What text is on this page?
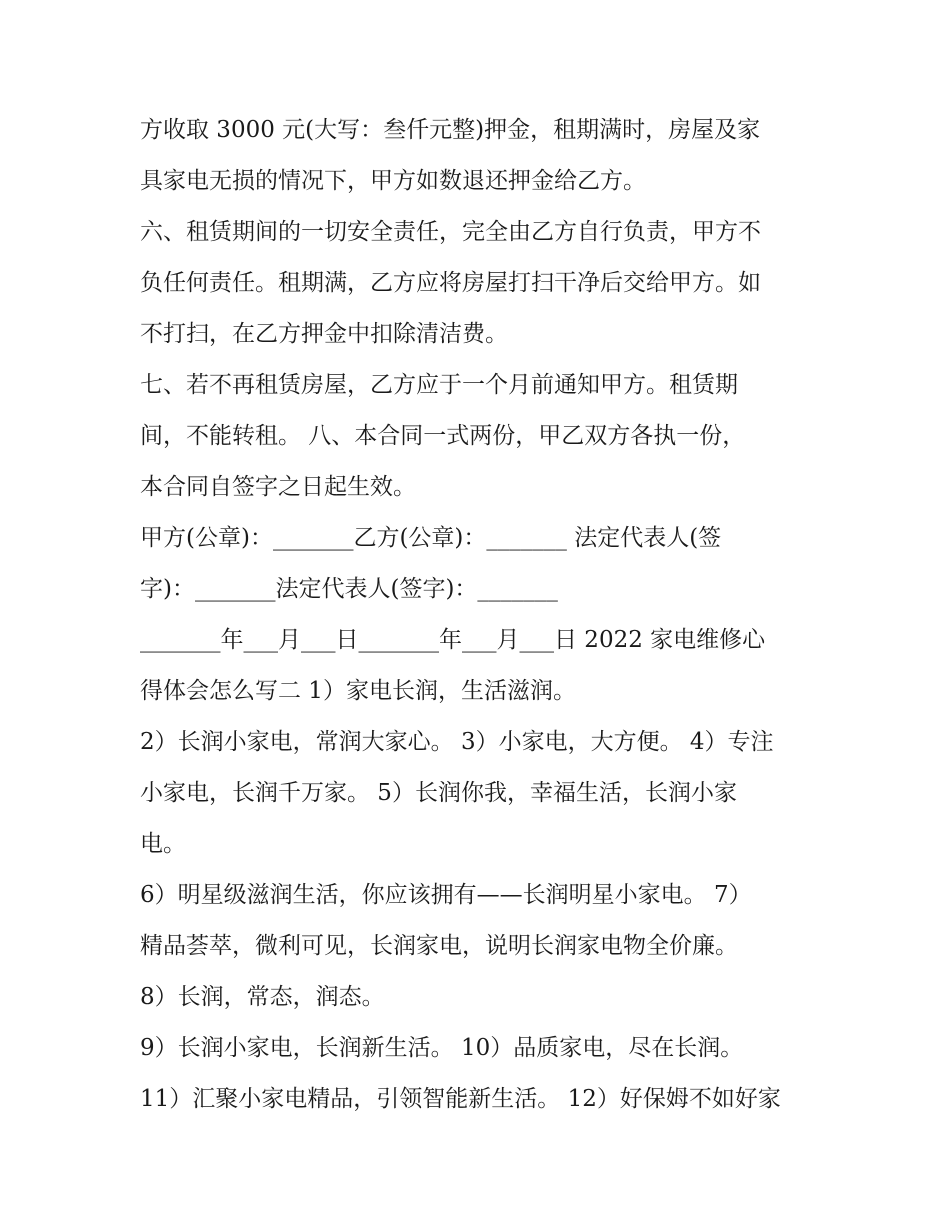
方收取 3000 元(大写：叁仟元整)押金，租期满时，房屋及家
具家电无损的情况下，甲方如数退还押金给乙方。
六、租赁期间的一切安全责任，完全由乙方自行负责，甲方不
负任何责任。租期满，乙方应将房屋打扫干净后交给甲方。如
不打扫，在乙方押金中扣除清洁费。
七、若不再租赁房屋，乙方应于一个月前通知甲方。租赁期
间，不能转租。 八、本合同一式两份，甲乙双方各执一份，
本合同自签字之日起生效。
甲方(公章)：_______乙方(公章)：_______ 法定代表人(签
字)：_______法定代表人(签字)：_______
_______年___月___日_______年___月___日 2022 家电维修心
得体会怎么写二 1）家电长润，生活滋润。
2）长润小家电，常润大家心。 3）小家电，大方便。 4）专注
小家电，长润千万家。 5）长润你我，幸福生活，长润小家
电。
6）明星级滋润生活，你应该拥有——长润明星小家电。 7）
精品荟萃，微利可见，长润家电，说明长润家电物全价廉。
8）长润，常态，润态。
9）长润小家电，长润新生活。 10）品质家电，尽在长润。
11）汇聚小家电精品，引领智能新生活。 12）好保姆不如好家
